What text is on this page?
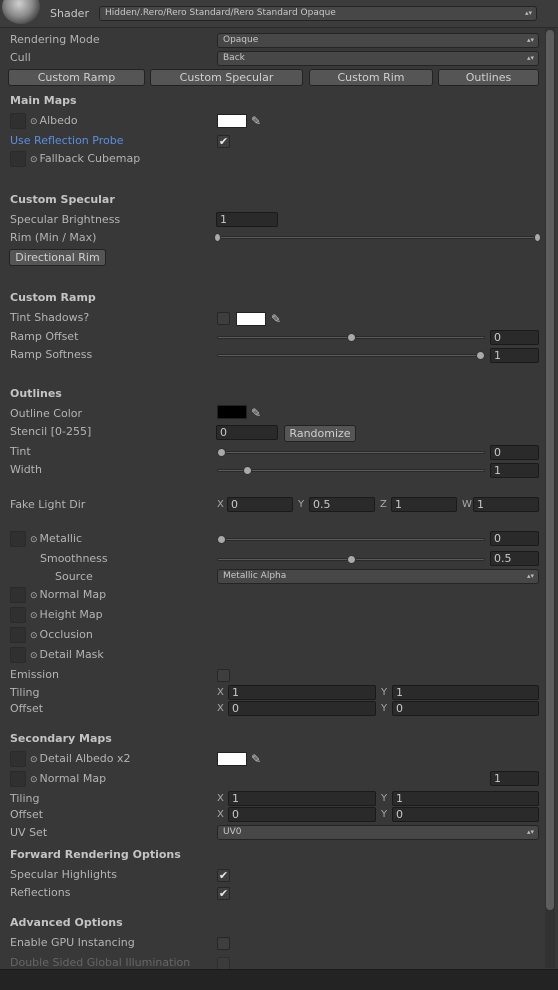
Shader	Hidden/.Rero/Rero Standard/Rero Standard Opaque	▴▾
Rendering Mode	Opaque	▴▾
Cull	Back	▴▾
Custom Ramp	Custom Specular	Custom Rim	Outlines
Main Maps
⊙ Albedo	✎
Use Reflection Probe	✔
⊙ Fallback Cubemap
Custom Specular
Specular Brightness	1
Rim (Min / Max)
Directional Rim
Custom Ramp
Tint Shadows?	✎
Ramp Offset	0
Ramp Softness	1
Outlines
Outline Color	✎
Stencil [0-255]	0	Randomize
Tint	0
Width	1
Fake Light Dir	X 0	Y 0.5	Z 1	W 1
⊙ Metallic	0
Smoothness	0.5
Source	Metallic Alpha	▴▾
⊙ Normal Map
⊙ Height Map
⊙ Occlusion
⊙ Detail Mask
Emission
Tiling	X 1	Y 1
Offset	X 0	Y 0
Secondary Maps
⊙ Detail Albedo x2	✎
⊙ Normal Map	1
Tiling	X 1	Y 1
Offset	X 0	Y 0
UV Set	UV0	▴▾
Forward Rendering Options
Specular Highlights	✔
Reflections	✔
Advanced Options
Enable GPU Instancing
Double Sided Global Illumination
